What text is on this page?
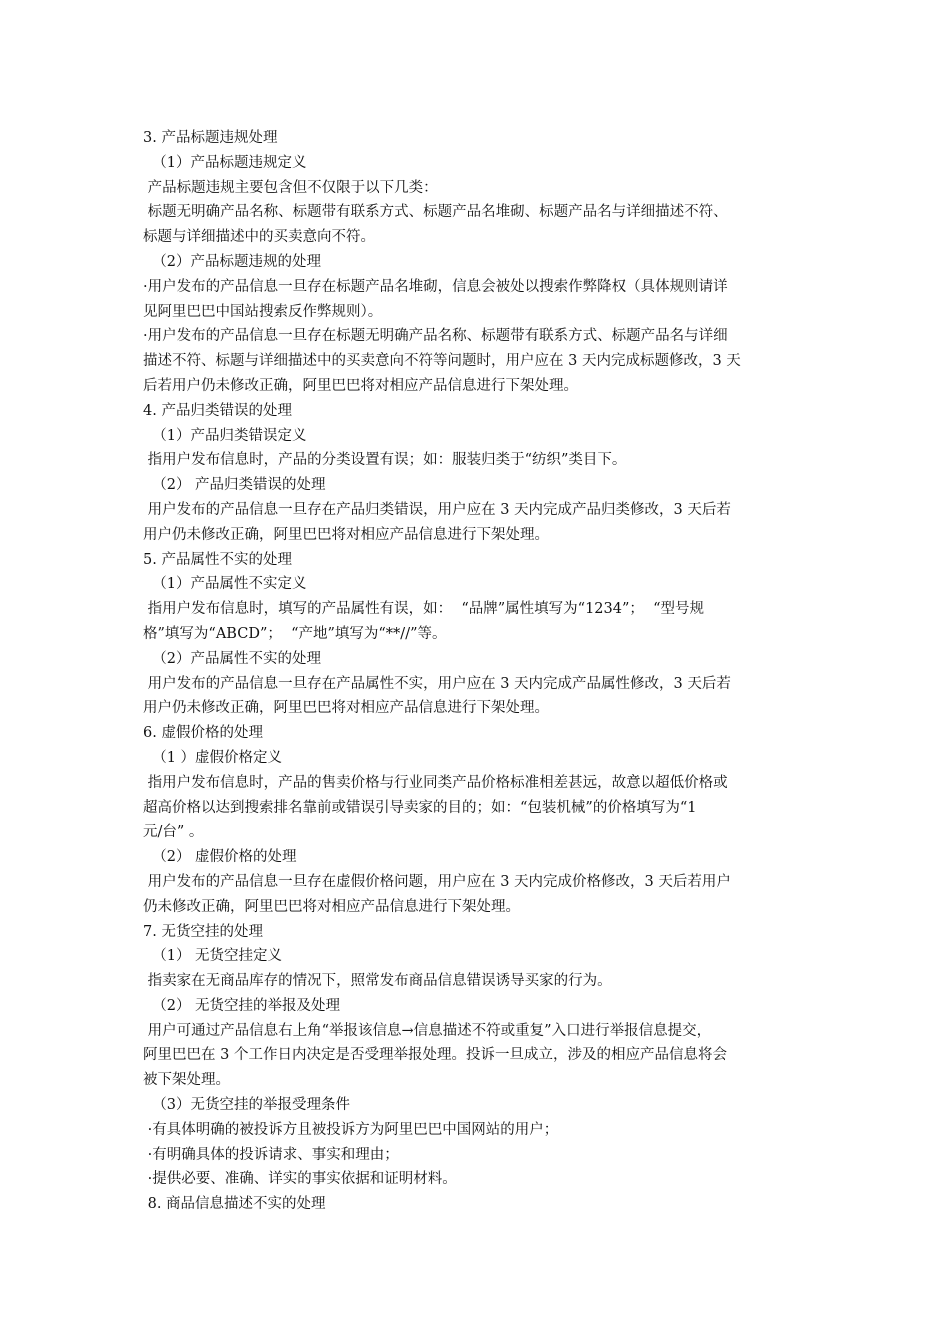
3. 产品标题违规处理
（1）产品标题违规定义
产品标题违规主要包含但不仅限于以下几类：
标题无明确产品名称、标题带有联系方式、标题产品名堆砌、标题产品名与详细描述不符、
标题与详细描述中的买卖意向不符。
（2）产品标题违规的处理
·用户发布的产品信息一旦存在标题产品名堆砌，信息会被处以搜索作弊降权（具体规则请详
见阿里巴巴中国站搜索反作弊规则）。
·用户发布的产品信息一旦存在标题无明确产品名称、标题带有联系方式、标题产品名与详细
描述不符、标题与详细描述中的买卖意向不符等问题时，用户应在 3 天内完成标题修改，3 天
后若用户仍未修改正确，阿里巴巴将对相应产品信息进行下架处理。
4. 产品归类错误的处理
（1）产品归类错误定义
指用户发布信息时，产品的分类设置有误；如：服装归类于“纺织”类目下。
（2） 产品归类错误的处理
用户发布的产品信息一旦存在产品归类错误，用户应在 3 天内完成产品归类修改，3 天后若
用户仍未修改正确，阿里巴巴将对相应产品信息进行下架处理。
5. 产品属性不实的处理
（1）产品属性不实定义
指用户发布信息时，填写的产品属性有误，如：  “品牌”属性填写为“1234”；  “型号规
格”填写为“ABCD”；  “产地”填写为“**//”等。
（2）产品属性不实的处理
用户发布的产品信息一旦存在产品属性不实，用户应在 3 天内完成产品属性修改，3 天后若
用户仍未修改正确，阿里巴巴将对相应产品信息进行下架处理。
6. 虚假价格的处理
（1 ）虚假价格定义
指用户发布信息时，产品的售卖价格与行业同类产品价格标准相差甚远，故意以超低价格或
超高价格以达到搜索排名靠前或错误引导卖家的目的；如：“包装机械”的价格填写为“1
元/台” 。
（2） 虚假价格的处理
用户发布的产品信息一旦存在虚假价格问题，用户应在 3 天内完成价格修改，3 天后若用户
仍未修改正确，阿里巴巴将对相应产品信息进行下架处理。
7. 无货空挂的处理
（1） 无货空挂定义
指卖家在无商品库存的情况下，照常发布商品信息错误诱导买家的行为。
（2） 无货空挂的举报及处理
用户可通过产品信息右上角“举报该信息→信息描述不符或重复”入口进行举报信息提交，
阿里巴巴在 3 个工作日内决定是否受理举报处理。投诉一旦成立，涉及的相应产品信息将会
被下架处理。
（3）无货空挂的举报受理条件
·有具体明确的被投诉方且被投诉方为阿里巴巴中国网站的用户；
·有明确具体的投诉请求、事实和理由；
·提供必要、准确、详实的事实依据和证明材料。
8. 商品信息描述不实的处理
